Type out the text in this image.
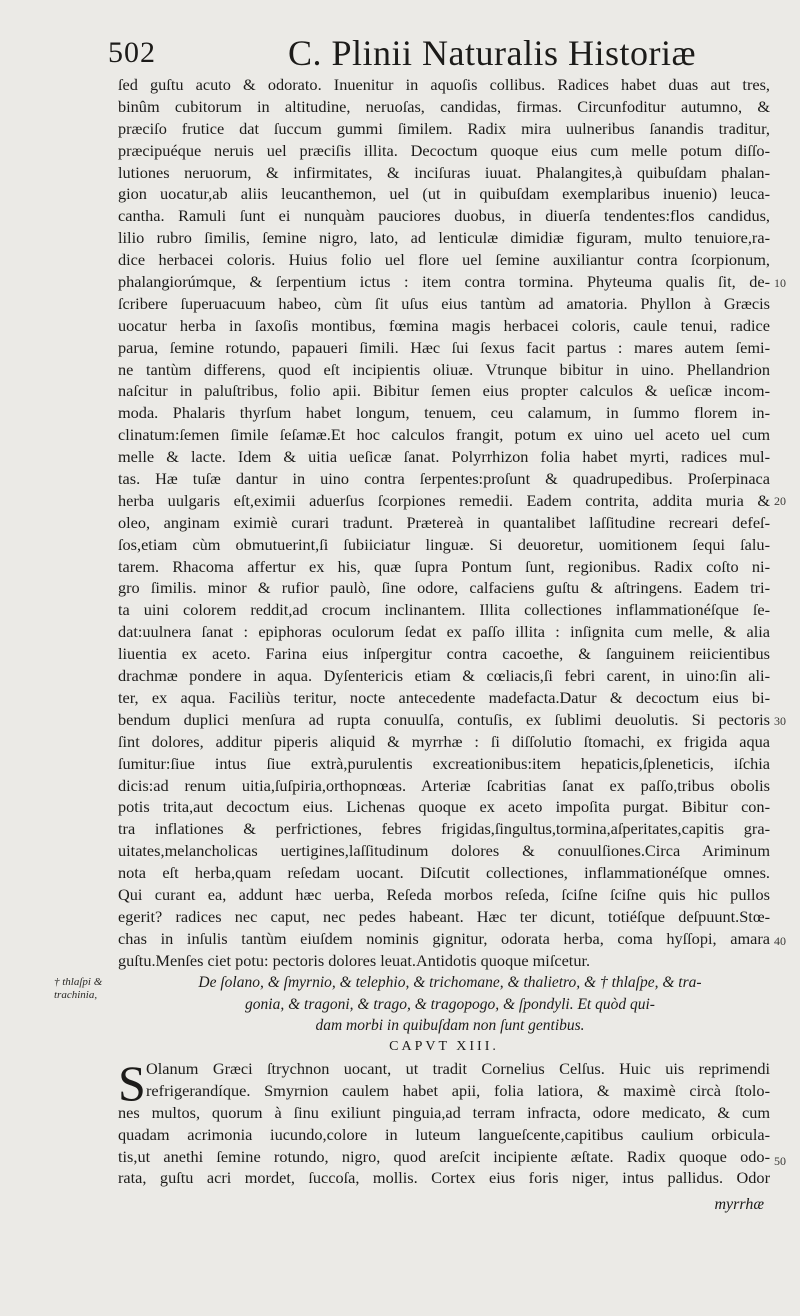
502	C. Plinii Naturalis Historiæ
ſed guſtu acuto & odorato. Inuenitur in aquoſis collibus. Radices habet duas aut tres,
binûm cubitorum in altitudine, neruoſas, candidas, firmas. Circunfoditur autumno, &
præciſo frutice dat ſuccum gummi ſimilem. Radix mira uulneribus ſanandis traditur,
præcipuéque neruis uel præciſis illita. Decoctum quoque eius cum melle potum diſſo-
lutiones neruorum, & infirmitates, & inciſuras iuuat. Phalangites,à quibuſdam phalan-
gion uocatur,ab aliis leucanthemon, uel (ut in quibuſdam exemplaribus inuenio) leuca-
cantha. Ramuli ſunt ei nunquàm pauciores duobus, in diuerſa tendentes:flos candidus,
lilio rubro ſimilis, ſemine nigro, lato, ad lenticulæ dimidiæ figuram, multo tenuiore,ra-
dice herbacei coloris. Huius folio uel flore uel ſemine auxiliantur contra ſcorpionum,
phalangiorúmque, & ſerpentium ictus : item contra tormina. Phyteuma qualis ſit, de-
ſcribere ſuperuacuum habeo, cùm ſit uſus eius tantùm ad amatoria. Phyllon à Græcis
uocatur herba in ſaxoſis montibus, fœmina magis herbacei coloris, caule tenui, radice
parua, ſemine rotundo, papaueri ſimili. Hæc ſui ſexus facit partus : mares autem ſemi-
ne tantùm differens, quod eſt incipientis oliuæ. Vtrunque bibitur in uino. Phellandrion
naſcitur in paluſtribus, folio apii. Bibitur ſemen eius propter calculos & ueſicæ incom-
moda. Phalaris thyrſum habet longum, tenuem, ceu calamum, in ſummo florem in-
clinatum:ſemen ſimile ſeſamæ.Et hoc calculos frangit, potum ex uino uel aceto uel cum
melle & lacte. Idem & uitia ueſicæ ſanat. Polyrrhizon folia habet myrti, radices mul-
tas. Hæ tuſæ dantur in uino contra ſerpentes:proſunt & quadrupedibus. Proſerpinaca
herba uulgaris eſt,eximii aduerſus ſcorpiones remedii. Eadem contrita, addita muria &
oleo, anginam eximiè curari tradunt. Prætereà in quantalibet laſſitudine recreari defeſ-
ſos,etiam cùm obmutuerint,ſi ſubiiciatur linguæ. Si deuoretur, uomitionem ſequi ſalu-
tarem. Rhacoma affertur ex his, quæ ſupra Pontum ſunt, regionibus. Radix coſto ni-
gro ſimilis. minor & rufior paulò, ſine odore, calfaciens guſtu & aſtringens. Eadem tri-
ta uini colorem reddit,ad crocum inclinantem. Illita collectiones inflammationéſque ſe-
dat:uulnera ſanat : epiphoras oculorum ſedat ex paſſo illita : inſignita cum melle, & alia
liuentia ex aceto. Farina eius inſpergitur contra cacoethe, & ſanguinem reiicientibus
drachmæ pondere in aqua. Dyſentericis etiam & cœliacis,ſi febri carent, in uino:ſin ali-
ter, ex aqua. Faciliùs teritur, nocte antecedente madefacta.Datur & decoctum eius bi-
bendum duplici menſura ad rupta conuulſa, contuſis, ex ſublimi deuolutis. Si pectoris
ſint dolores, additur piperis aliquid & myrrhæ : ſi diſſolutio ſtomachi, ex frigida aqua
ſumitur:ſiue intus ſiue extrà,purulentis excreationibus:item hepaticis,ſpleneticis, iſchia
dicis:ad renum uitia,ſuſpiria,orthopnœas. Arteriæ ſcabritias ſanat ex paſſo,tribus obolis
potis trita,aut decoctum eius. Lichenas quoque ex aceto impoſita purgat. Bibitur con-
tra inflationes & perfrictiones, febres frigidas,ſingultus,tormina,aſperitates,capitis gra-
uitates,melancholicas uertigines,laſſitudinum dolores & conuulſiones.Circa Ariminum
nota eſt herba,quam reſedam uocant. Diſcutit collectiones, inflammationéſque omnes.
Qui curant ea, addunt hæc uerba, Reſeda morbos reſeda, ſciſne ſciſne quis hic pullos
egerit? radices nec caput, nec pedes habeant. Hæc ter dicunt, totiéſque deſpuunt.Stœ-
chas in inſulis tantùm eiuſdem nominis gignitur, odorata herba, coma hyſſopi, amara
guſtu.Menſes ciet potu: pectoris dolores leuat.Antidotis quoque miſcetur.
10
20
30
40
50
† thlaſpi & trachinia,
De ſolano, & ſmyrnio, & telephio, & trichomane, & thalietro, & † thlaſpe, & tra-
gonia, & tragoni, & trago, & tragopogo, & ſpondyli. Et quòd qui-
dam morbi in quibuſdam non ſunt gentibus.
CAPVT XIII.
S Olanum Græci ſtrychnon uocant, ut tradit Cornelius Celſus. Huic uis reprimendi
refrigerandíque. Smyrnion caulem habet apii, folia latiora, & maximè circà ſtolo-
nes multos, quorum à ſinu exiliunt pinguia,ad terram infracta, odore medicato, & cum
quadam acrimonia iucundo,colore in luteum langueſcente,capitibus caulium orbicula-
tis,ut anethi ſemine rotundo, nigro, quod areſcit incipiente æſtate. Radix quoque odo-
rata, guſtu acri mordet, ſuccoſa, mollis. Cortex eius foris niger, intus pallidus. Odor
myrrhæ
